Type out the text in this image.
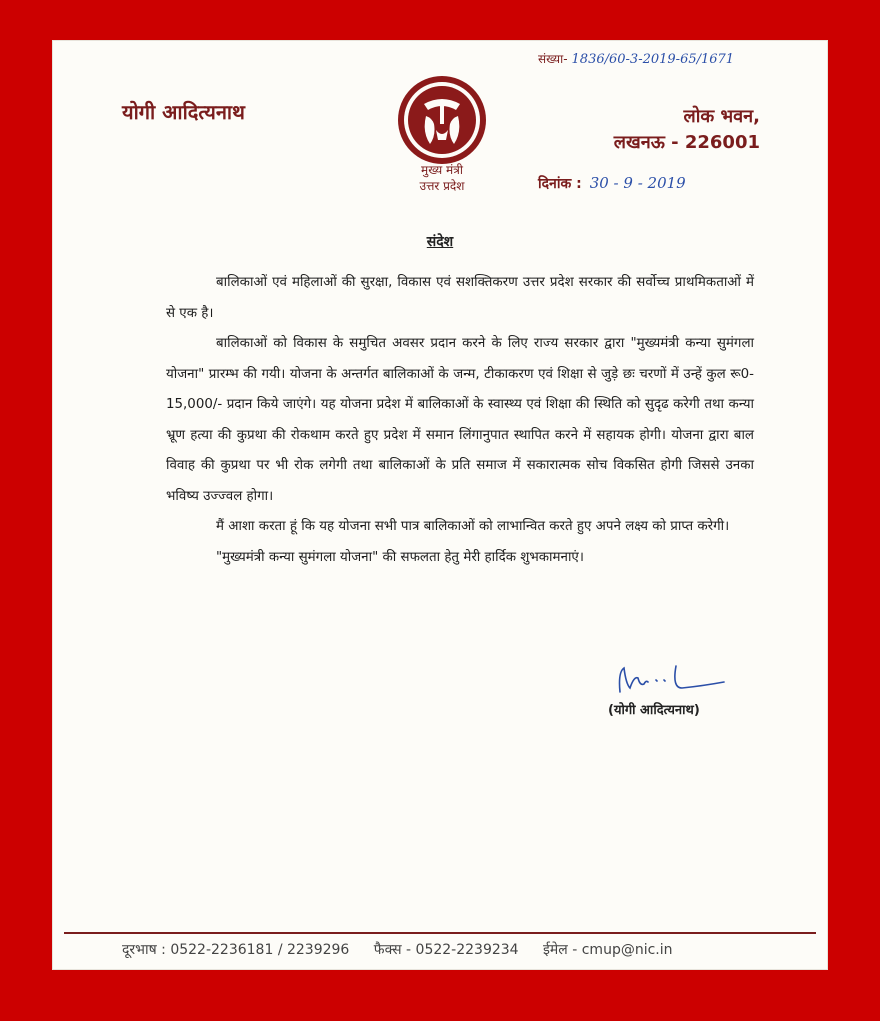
योगी आदित्यनाथ
मुख्य मंत्री
उत्तर प्रदेश
संख्या- 1836/60-3-2019-65/1671
लोक भवन,
लखनऊ - 226001
दिनांक : 30 - 9 - 2019
संदेश

बालिकाओं एवं महिलाओं की सुरक्षा, विकास एवं सशक्तिकरण उत्तर प्रदेश सरकार की सर्वोच्च प्राथमिकताओं में से एक है।

बालिकाओं को विकास के समुचित अवसर प्रदान करने के लिए राज्य सरकार द्वारा "मुख्यमंत्री कन्या सुमंगला योजना" प्रारम्भ की गयी। योजना के अन्तर्गत बालिकाओं के जन्म, टीकाकरण एवं शिक्षा से जुड़े छः चरणों में उन्हें कुल रू0-15,000/- प्रदान किये जाएंगे। यह योजना प्रदेश में बालिकाओं के स्वास्थ्य एवं शिक्षा की स्थिति को सुदृढ करेगी तथा कन्या भ्रूण हत्या की कुप्रथा की रोकथाम करते हुए प्रदेश में समान लिंगानुपात स्थापित करने में सहायक होगी। योजना द्वारा बाल विवाह की कुप्रथा पर भी रोक लगेगी तथा बालिकाओं के प्रति समाज में सकारात्मक सोच विकसित होगी जिससे उनका भविष्य उज्ज्वल होगा।

मैं आशा करता हूं कि यह योजना सभी पात्र बालिकाओं को लाभान्वित करते हुए अपने लक्ष्य को प्राप्त करेगी।

"मुख्यमंत्री कन्या सुमंगला योजना" की सफलता हेतु मेरी हार्दिक शुभकामनाएं।

(योगी आदित्यनाथ)
दूरभाष : 0522-2236181 / 2239296 फैक्स - 0522-2239234 ईमेल - cmup@nic.in
